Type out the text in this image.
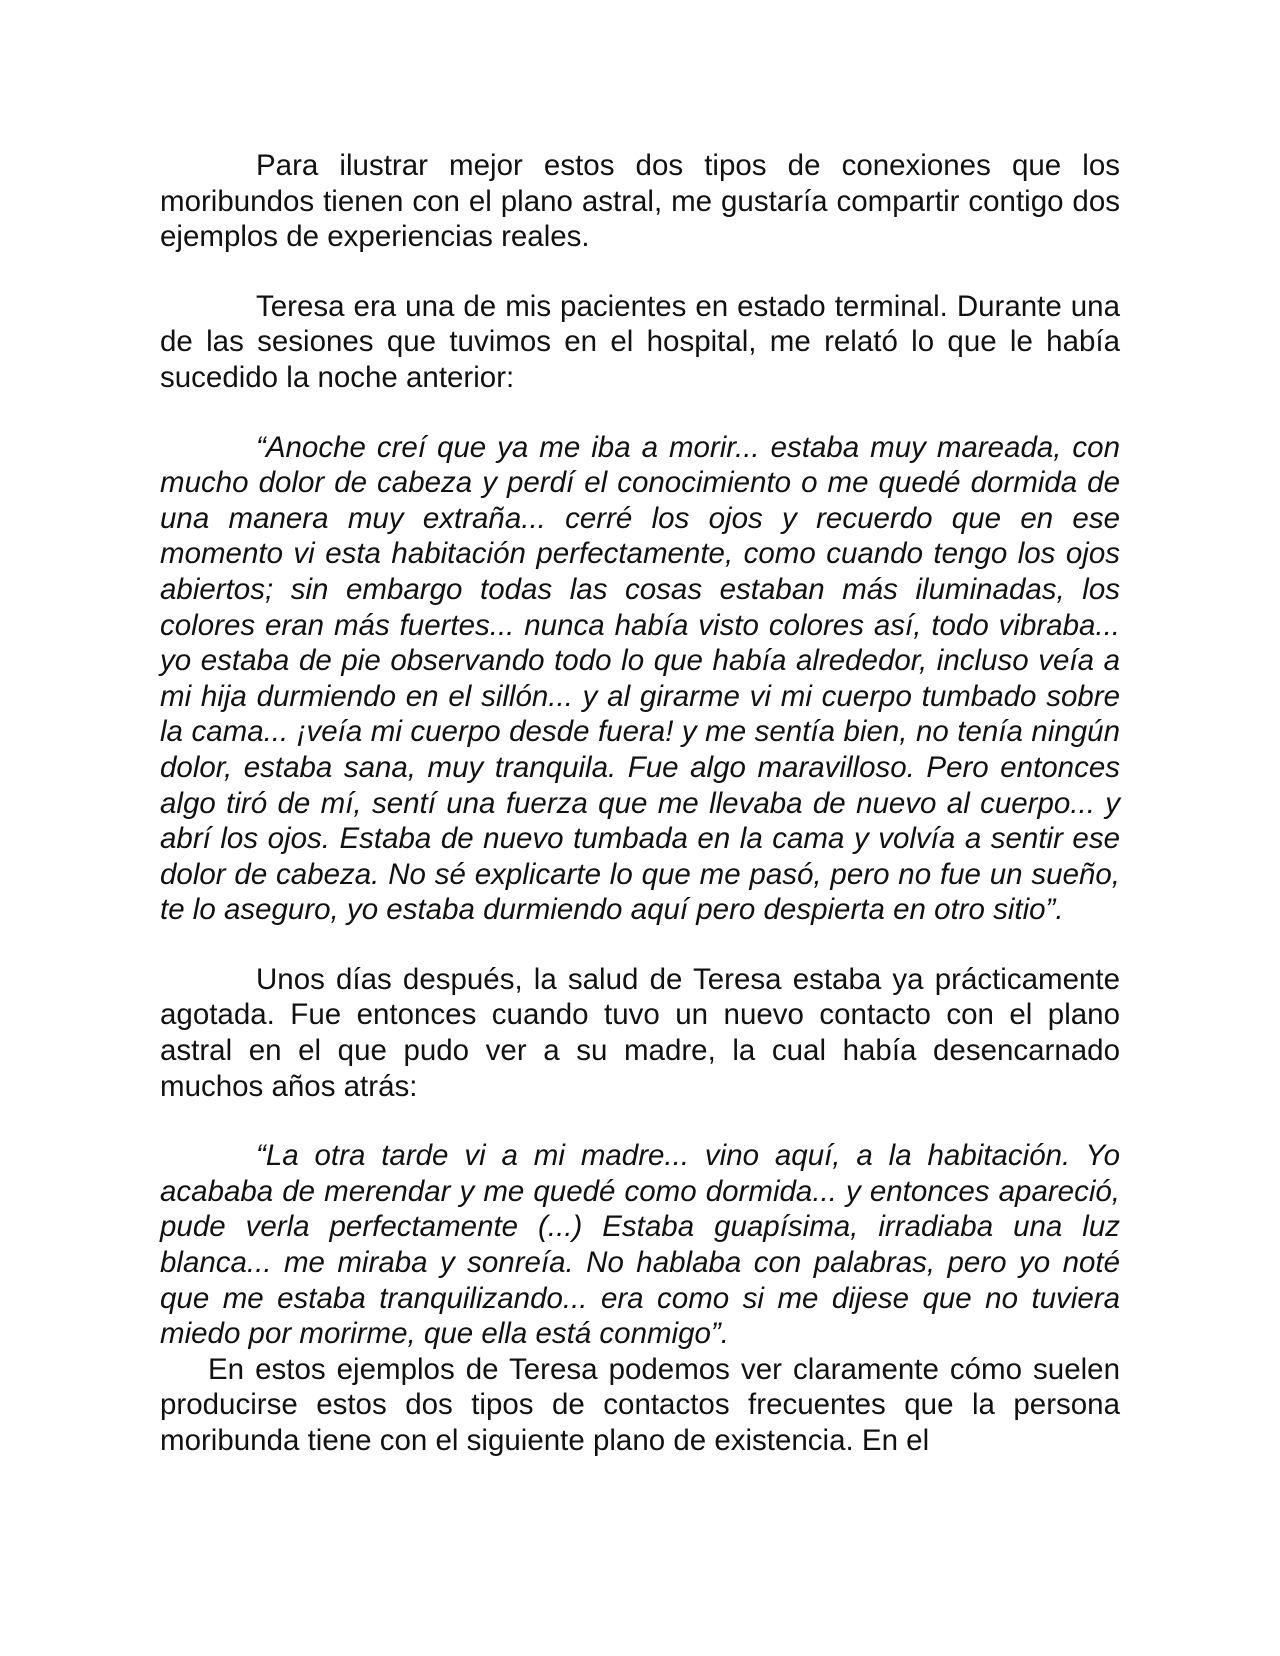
Para ilustrar mejor estos dos tipos de conexiones que los moribundos tienen con el plano astral, me gustaría compartir contigo dos ejemplos de experiencias reales.

Teresa era una de mis pacientes en estado terminal. Durante una de las sesiones que tuvimos en el hospital, me relató lo que le había sucedido la noche anterior:

“Anoche creí que ya me iba a morir... estaba muy mareada, con mucho dolor de cabeza y perdí el conocimiento o me quedé dormida de una manera muy extraña... cerré los ojos y recuerdo que en ese momento vi esta habitación perfectamente, como cuando tengo los ojos abiertos; sin embargo todas las cosas estaban más iluminadas, los colores eran más fuertes... nunca había visto colores así, todo vibraba... yo estaba de pie observando todo lo que había alrededor, incluso veía a mi hija durmiendo en el sillón... y al girarme vi mi cuerpo tumbado sobre la cama... ¡veía mi cuerpo desde fuera! y me sentía bien, no tenía ningún dolor, estaba sana, muy tranquila. Fue algo maravilloso. Pero entonces algo tiró de mí, sentí una fuerza que me llevaba de nuevo al cuerpo... y abrí los ojos. Estaba de nuevo tumbada en la cama y volvía a sentir ese dolor de cabeza. No sé explicarte lo que me pasó, pero no fue un sueño, te lo aseguro, yo estaba durmiendo aquí pero despierta en otro sitio”.

Unos días después, la salud de Teresa estaba ya prácticamente agotada. Fue entonces cuando tuvo un nuevo contacto con el plano astral en el que pudo ver a su madre, la cual había desencarnado muchos años atrás:

“La otra tarde vi a mi madre... vino aquí, a la habitación. Yo acababa de merendar y me quedé como dormida... y entonces apareció, pude verla perfectamente (...) Estaba guapísima, irradiaba una luz blanca... me miraba y sonreía. No hablaba con palabras, pero yo noté que me estaba tranquilizando... era como si me dijese que no tuviera miedo por morirme, que ella está conmigo”.

En estos ejemplos de Teresa podemos ver claramente cómo suelen producirse estos dos tipos de contactos frecuentes que la persona moribunda tiene con el siguiente plano de existencia. En el
